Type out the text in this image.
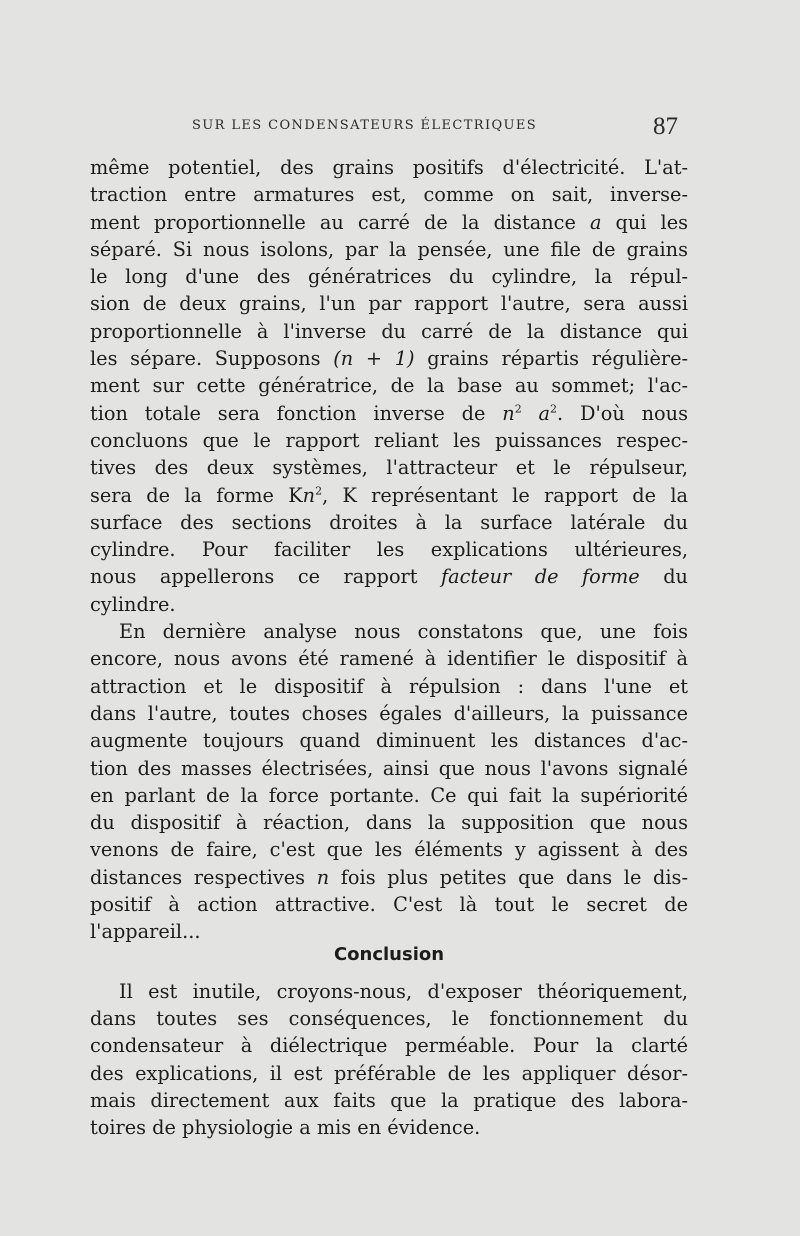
SUR LES CONDENSATEURS ÉLECTRIQUES	87
même potentiel, des grains positifs d'électricité. L'at-
traction entre armatures est, comme on sait, inverse-
ment proportionnelle au carré de la distance a qui les
séparé. Si nous isolons, par la pensée, une file de grains
le long d'une des génératrices du cylindre, la répul-
sion de deux grains, l'un par rapport l'autre, sera aussi
proportionnelle à l'inverse du carré de la distance qui
les sépare. Supposons (n + 1) grains répartis régulière-
ment sur cette génératrice, de la base au sommet; l'ac-
tion totale sera fonction inverse de $n^2$ $a^2$. D'où nous
concluons que le rapport reliant les puissances respec-
tives des deux systèmes, l'attracteur et le répulseur,
sera de la forme Kn$^2$, K représentant le rapport de la
surface des sections droites à la surface latérale du
cylindre. Pour faciliter les explications ultérieures,
nous appellerons ce rapport facteur de forme du
cylindre.
En dernière analyse nous constatons que, une fois
encore, nous avons été ramené à identifier le dispositif à
attraction et le dispositif à répulsion : dans l'une et
dans l'autre, toutes choses égales d'ailleurs, la puissance
augmente toujours quand diminuent les distances d'ac-
tion des masses électrisées, ainsi que nous l'avons signalé
en parlant de la force portante. Ce qui fait la supériorité
du dispositif à réaction, dans la supposition que nous
venons de faire, c'est que les éléments y agissent à des
distances respectives n fois plus petites que dans le dis-
positif à action attractive. C'est là tout le secret de
l'appareil...
Conclusion
Il est inutile, croyons-nous, d'exposer théoriquement,
dans toutes ses conséquences, le fonctionnement du
condensateur à diélectrique perméable. Pour la clarté
des explications, il est préférable de les appliquer désor-
mais directement aux faits que la pratique des labora-
toires de physiologie a mis en évidence.
